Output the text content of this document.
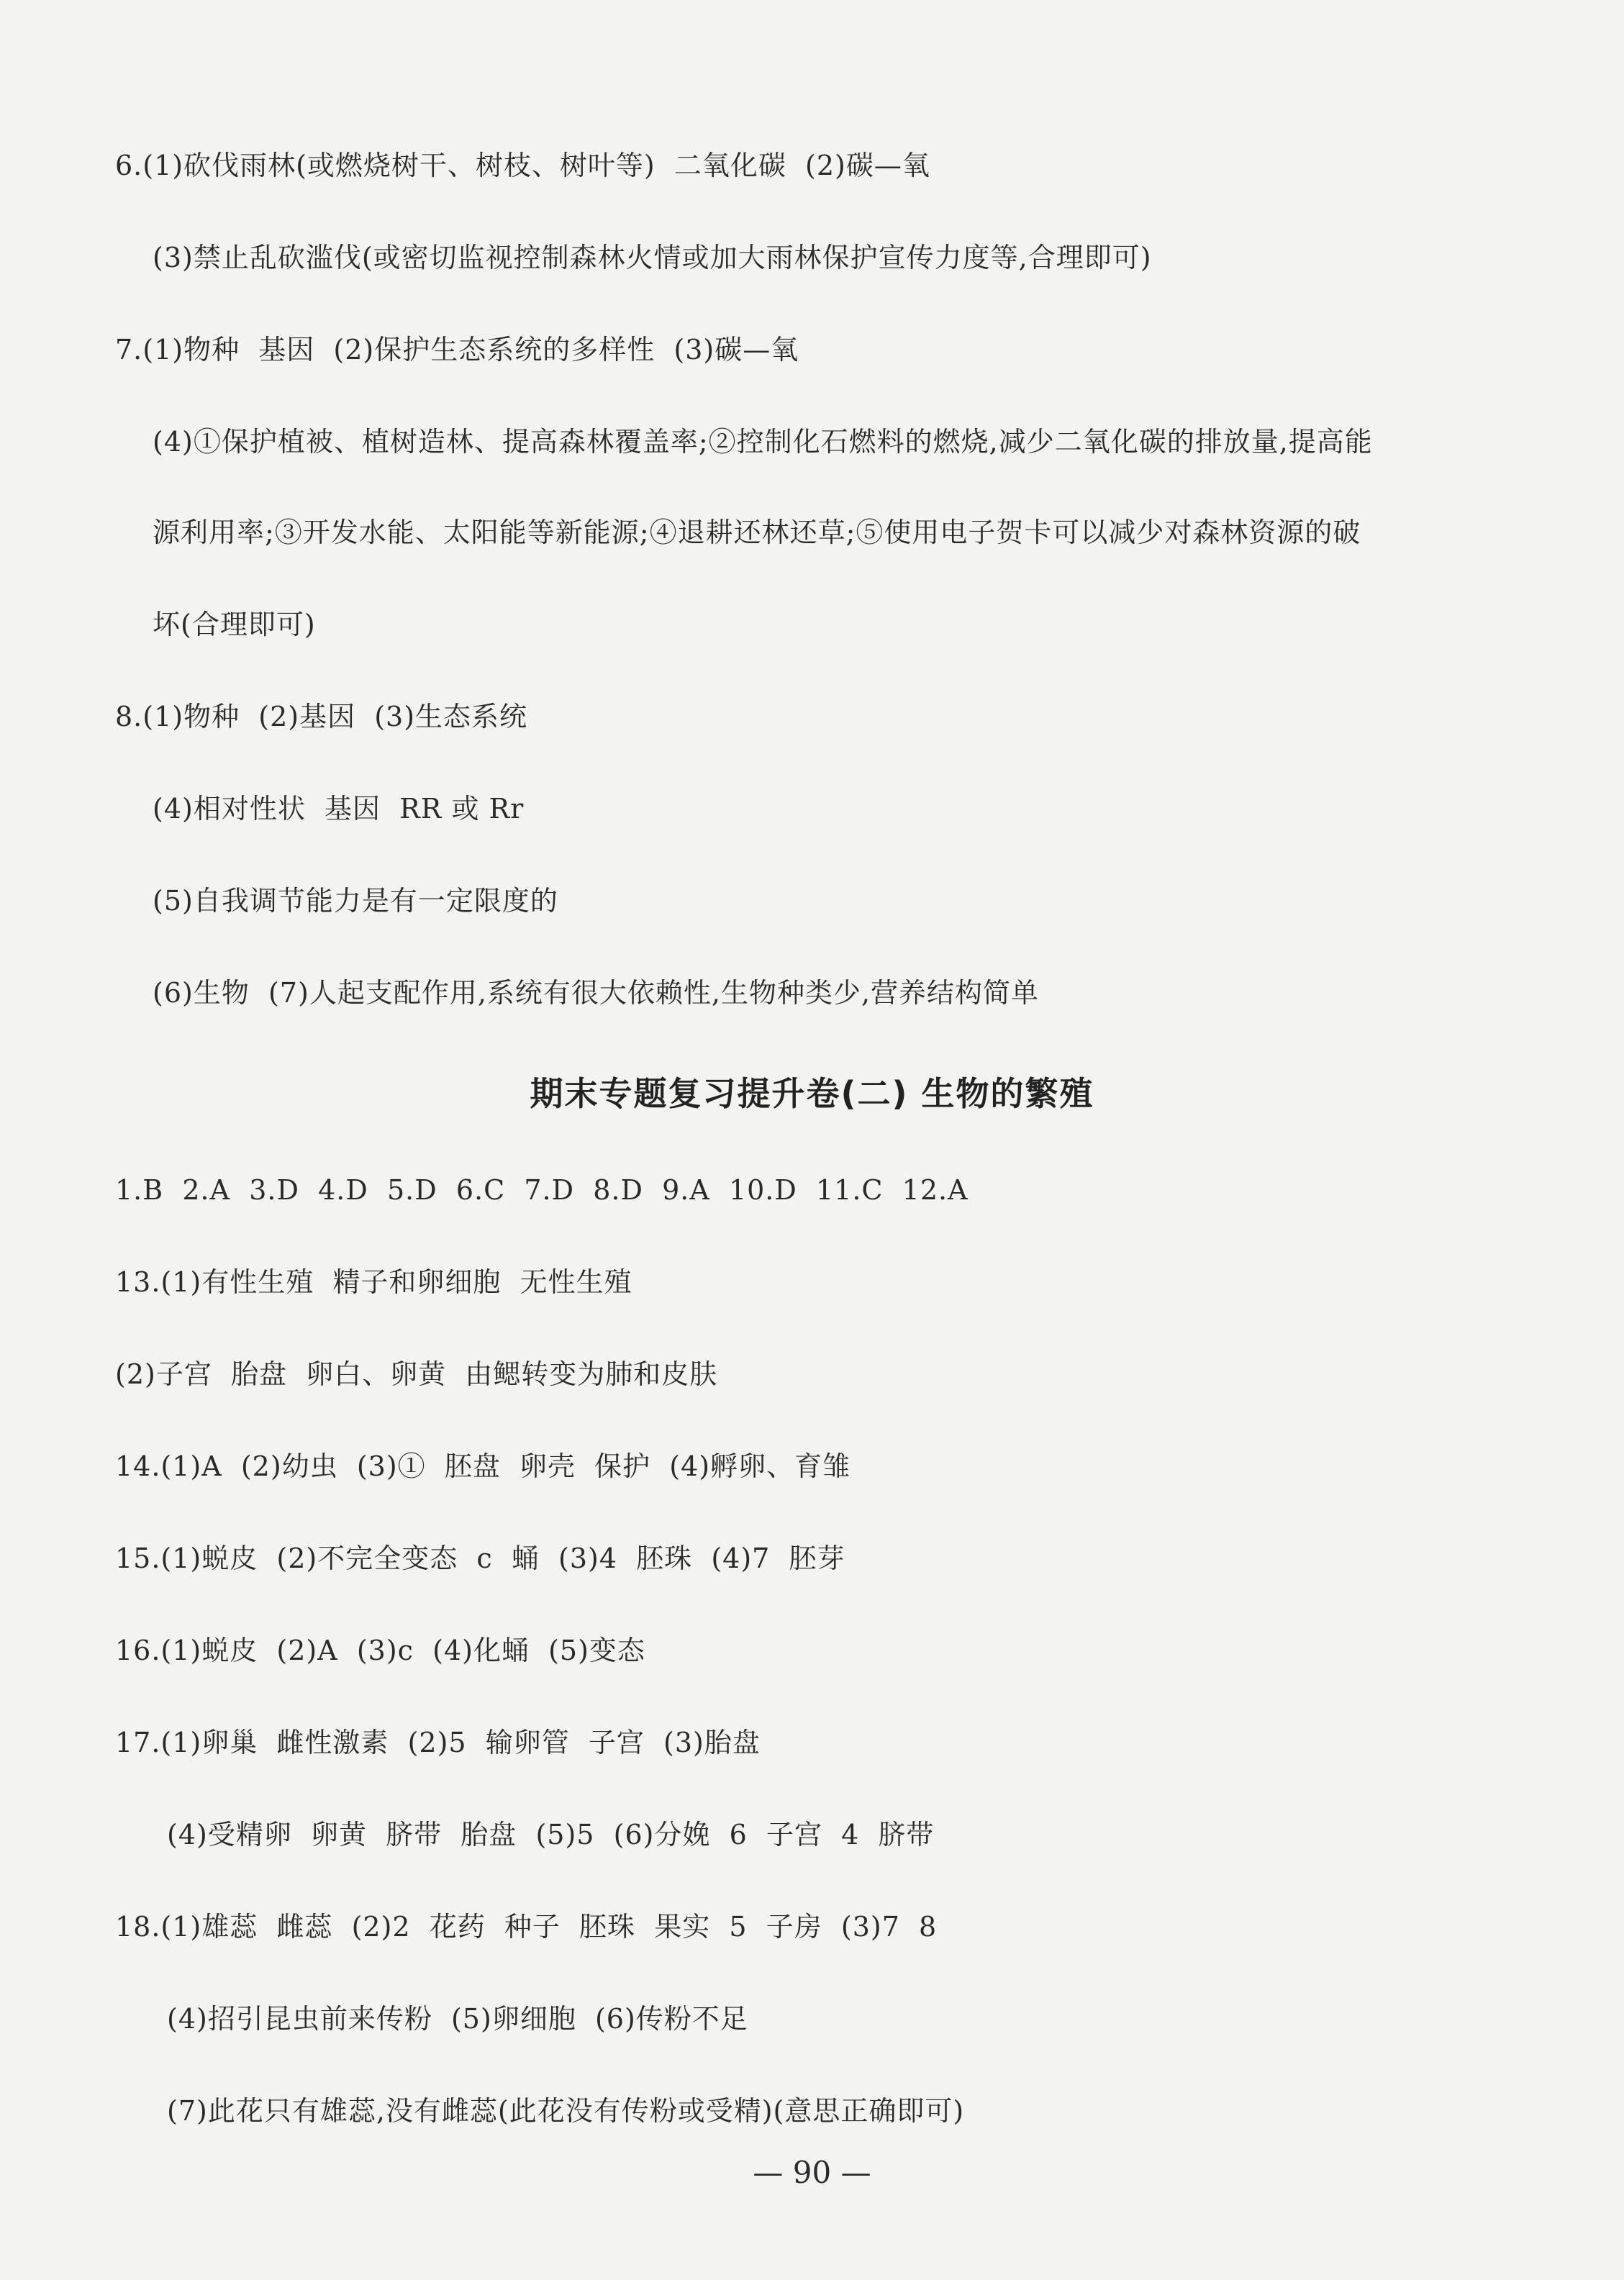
6.(1)砍伐雨林(或燃烧树干、树枝、树叶等)  二氧化碳  (2)碳—氧
(3)禁止乱砍滥伐(或密切监视控制森林火情或加大雨林保护宣传力度等,合理即可)
7.(1)物种  基因  (2)保护生态系统的多样性  (3)碳—氧
(4)①保护植被、植树造林、提高森林覆盖率;②控制化石燃料的燃烧,减少二氧化碳的排放量,提高能
源利用率;③开发水能、太阳能等新能源;④退耕还林还草;⑤使用电子贺卡可以减少对森林资源的破
坏(合理即可)
8.(1)物种  (2)基因  (3)生态系统
(4)相对性状  基因  RR 或 Rr
(5)自我调节能力是有一定限度的
(6)生物  (7)人起支配作用,系统有很大依赖性,生物种类少,营养结构简单
期末专题复习提升卷(二) 生物的繁殖
1.B  2.A  3.D  4.D  5.D  6.C  7.D  8.D  9.A  10.D  11.C  12.A
13.(1)有性生殖  精子和卵细胞  无性生殖
(2)子宫  胎盘  卵白、卵黄  由鳃转变为肺和皮肤
14.(1)A  (2)幼虫  (3)①  胚盘  卵壳  保护  (4)孵卵、育雏
15.(1)蜕皮  (2)不完全变态  c  蛹  (3)4  胚珠  (4)7  胚芽
16.(1)蜕皮  (2)A  (3)c  (4)化蛹  (5)变态
17.(1)卵巢  雌性激素  (2)5  输卵管  子宫  (3)胎盘
(4)受精卵  卵黄  脐带  胎盘  (5)5  (6)分娩  6  子宫  4  脐带
18.(1)雄蕊  雌蕊  (2)2  花药  种子  胚珠  果实  5  子房  (3)7  8
(4)招引昆虫前来传粉  (5)卵细胞  (6)传粉不足
(7)此花只有雄蕊,没有雌蕊(此花没有传粉或受精)(意思正确即可)
— 90 —
